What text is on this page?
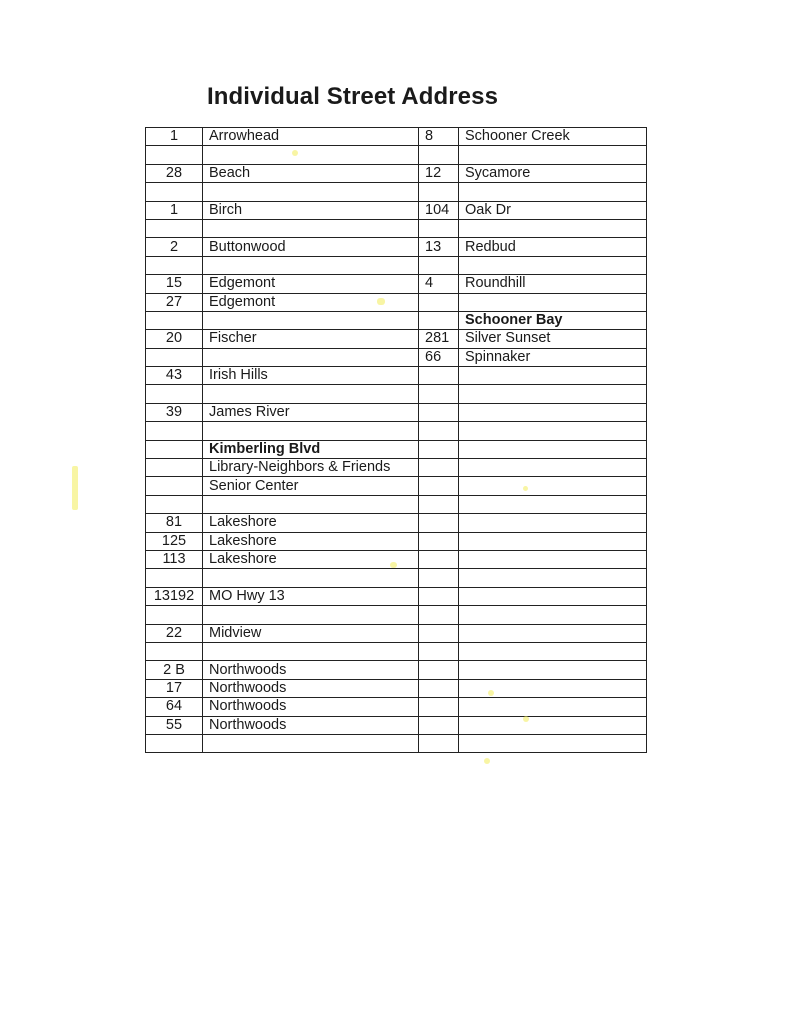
Individual Street Address
1	Arrowhead	8	Schooner Creek

28	Beach	12	Sycamore

1	Birch	104	Oak Dr

2	Buttonwood	13	Redbud

15	Edgemont	4	Roundhill
27	Edgemont		
			Schooner Bay
20	Fischer	281	Silver Sunset
		66	Spinnaker
43	Irish Hills		

39	James River		

	Kimberling Blvd		
	Library-Neighbors & Friends		
	Senior Center		

81	Lakeshore		
125	Lakeshore		
113	Lakeshore		

13192	MO Hwy 13		

22	Midview		

2 B	Northwoods		
17	Northwoods		
64	Northwoods		
55	Northwoods		
